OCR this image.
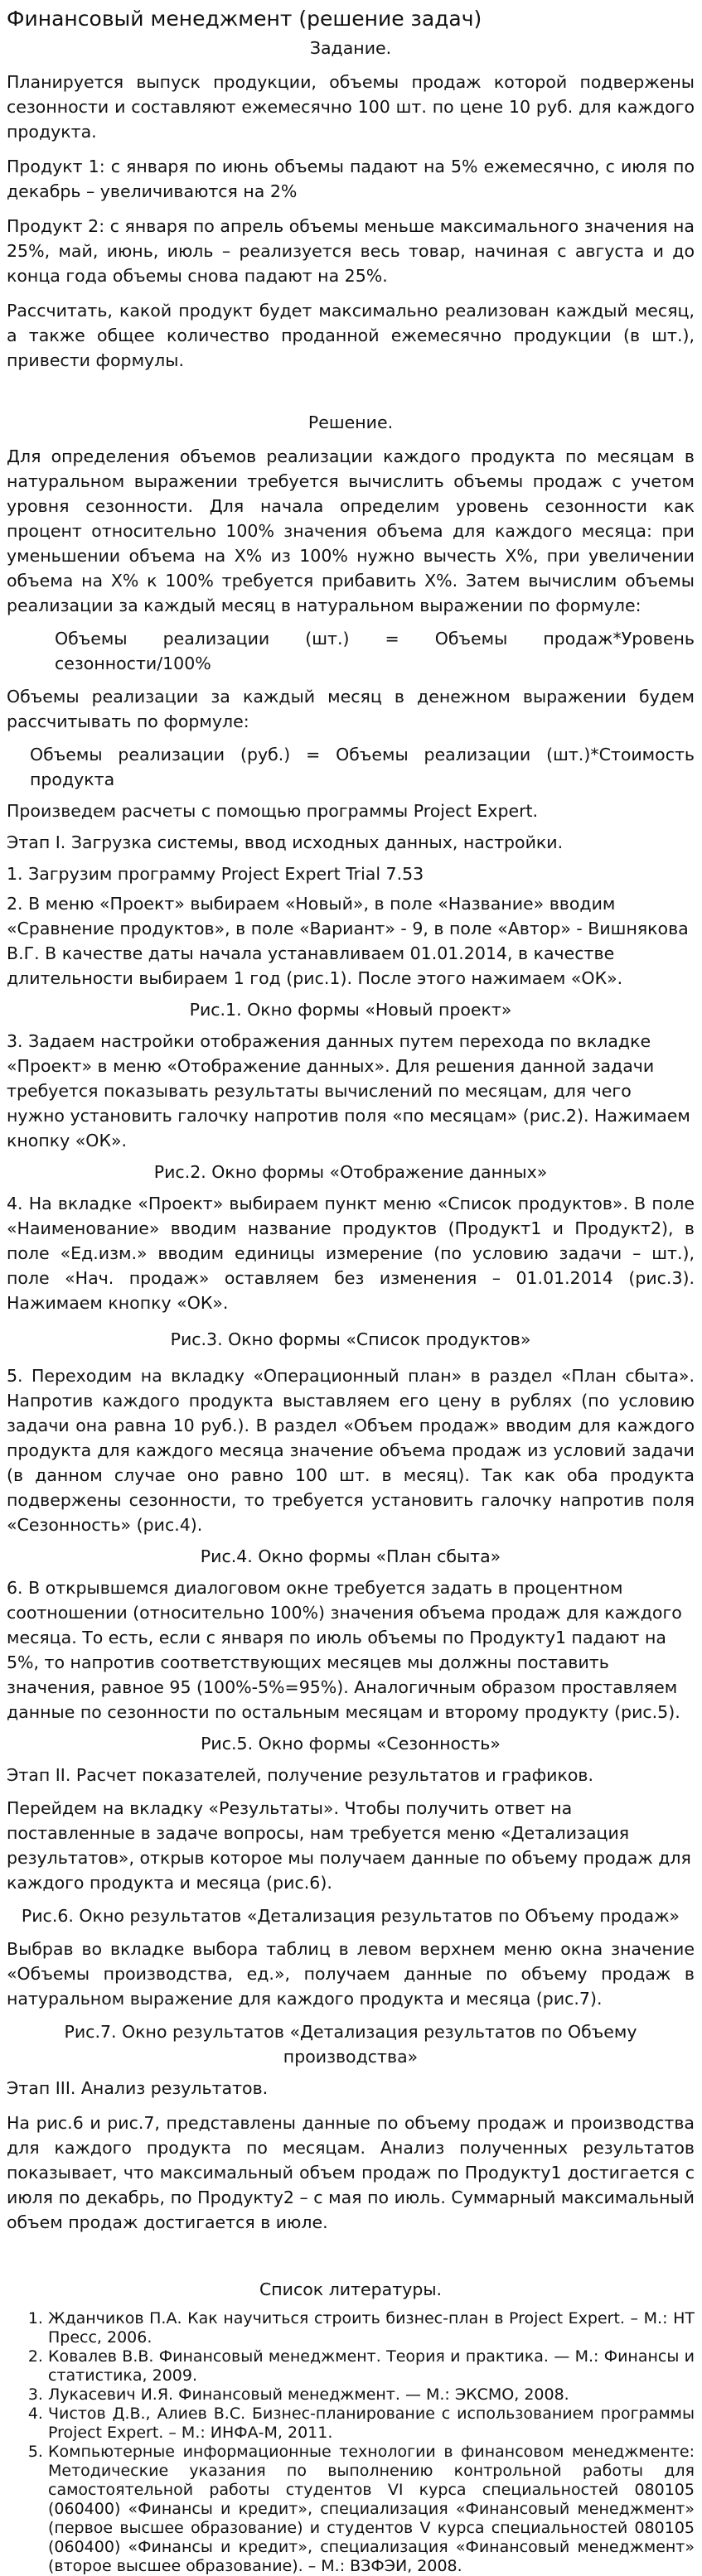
Финансовый менеджмент (решение задач)

Задание.

Планируется выпуск продукции, объемы продаж которой подвержены сезонности и составляют ежемесячно 100 шт. по цене 10 руб. для каждого продукта.

Продукт 1: с января по июнь объемы падают на 5% ежемесячно, с июля по декабрь – увеличиваются на 2%

Продукт 2: с января по апрель объемы меньше максимального значения на 25%, май, июнь, июль – реализуется весь товар, начиная с августа и до конца года объемы снова падают на 25%.

Рассчитать, какой продукт будет максимально реализован каждый месяц, а также общее количество проданной ежемесячно продукции (в шт.), привести формулы.

Решение.

Для определения объемов реализации каждого продукта по месяцам в натуральном выражении требуется вычислить объемы продаж с учетом уровня сезонности. Для начала определим уровень сезонности как процент относительно 100% значения объема для каждого месяца: при уменьшении объема на Х% из 100% нужно вычесть Х%, при увеличении объема на Х% к 100% требуется прибавить Х%. Затем вычислим объемы реализации за каждый месяц в натуральном выражении по формуле:

Объемы реализации (шт.) = Объемы продаж*Уровень сезонности/100%

Объемы реализации за каждый месяц в денежном выражении будем рассчитывать по формуле:

Объемы реализации (руб.) = Объемы реализации (шт.)*Стоимость продукта

Произведем расчеты с помощью программы Project Expert.

Этап I. Загрузка системы, ввод исходных данных, настройки.

1. Загрузим программу Project Expert Trial 7.53

2. В меню «Проект» выбираем «Новый», в поле «Название» вводим «Сравнение продуктов», в поле «Вариант» - 9, в поле «Автор» - Вишнякова В.Г. В качестве даты начала устанавливаем 01.01.2014, в качестве длительности выбираем 1 год (рис.1). После этого нажимаем «ОК».

Рис.1. Окно формы «Новый проект»

3. Задаем настройки отображения данных путем перехода по вкладке «Проект» в меню «Отображение данных». Для решения данной задачи требуется показывать результаты вычислений по месяцам, для чего нужно установить галочку напротив поля «по месяцам» (рис.2). Нажимаем кнопку «ОК».

Рис.2. Окно формы «Отображение данных»

4. На вкладке «Проект» выбираем пункт меню «Список продуктов». В поле «Наименование» вводим название продуктов (Продукт1 и Продукт2), в поле «Ед.изм.» вводим единицы измерение (по условию задачи – шт.), поле «Нач. продаж» оставляем без изменения – 01.01.2014 (рис.3). Нажимаем кнопку «ОК».

Рис.3. Окно формы «Список продуктов»

5. Переходим на вкладку «Операционный план» в раздел «План сбыта». Напротив каждого продукта выставляем его цену в рублях (по условию задачи она равна 10 руб.). В раздел «Объем продаж» вводим для каждого продукта для каждого месяца значение объема продаж из условий задачи (в данном случае оно равно 100 шт. в месяц). Так как оба продукта подвержены сезонности, то требуется установить галочку напротив поля «Сезонность» (рис.4).

Рис.4. Окно формы «План сбыта»

6. В открывшемся диалоговом окне требуется задать в процентном соотношении (относительно 100%) значения объема продаж для каждого месяца. То есть, если с января по июль объемы по Продукту1 падают на 5%, то напротив соответствующих месяцев мы должны поставить значения, равное 95 (100%-5%=95%). Аналогичным образом проставляем данные по сезонности по остальным месяцам и второму продукту (рис.5).

Рис.5. Окно формы «Сезонность»

Этап II. Расчет показателей, получение результатов и графиков.

Перейдем на вкладку «Результаты». Чтобы получить ответ на поставленные в задаче вопросы, нам требуется меню «Детализация результатов», открыв которое мы получаем данные по объему продаж для каждого продукта и месяца (рис.6).

Рис.6. Окно результатов «Детализация результатов по Объему продаж»

Выбрав во вкладке выбора таблиц в левом верхнем меню окна значение «Объемы производства, ед.», получаем данные по объему продаж в натуральном выражение для каждого продукта и месяца (рис.7).

Рис.7. Окно результатов «Детализация результатов по Объему производства»

Этап III. Анализ результатов.

На рис.6 и рис.7, представлены данные по объему продаж и производства для каждого продукта по месяцам. Анализ полученных результатов показывает, что максимальный объем продаж по Продукту1 достигается с июля по декабрь, по Продукту2 – с мая по июль. Суммарный максимальный объем продаж достигается в июле.

Список литературы.

1. Жданчиков П.А. Как научиться строить бизнес-план в Project Expert. – М.: НТ Пресс, 2006.
2. Ковалев В.В. Финансовый менеджмент. Теория и практика. — М.: Финансы и статистика, 2009.
3. Лукасевич И.Я. Финансовый менеджмент. — М.: ЭКСМО, 2008.
4. Чистов Д.В., Алиев В.С. Бизнес-планирование с использованием программы Project Expert. – М.: ИНФА-М, 2011.
5. Компьютерные информационные технологии в финансовом менеджменте: Методические указания по выполнению контрольной работы для самостоятельной работы студентов VI курса специальностей 080105 (060400) «Финансы и кредит», специализация «Финансовый менеджмент» (первое высшее образование) и студентов V курса специальностей 080105 (060400) «Финансы и кредит», специализация «Финансовый менеджмент» (второе высшее образование). – М.: ВЗФЭИ, 2008.
